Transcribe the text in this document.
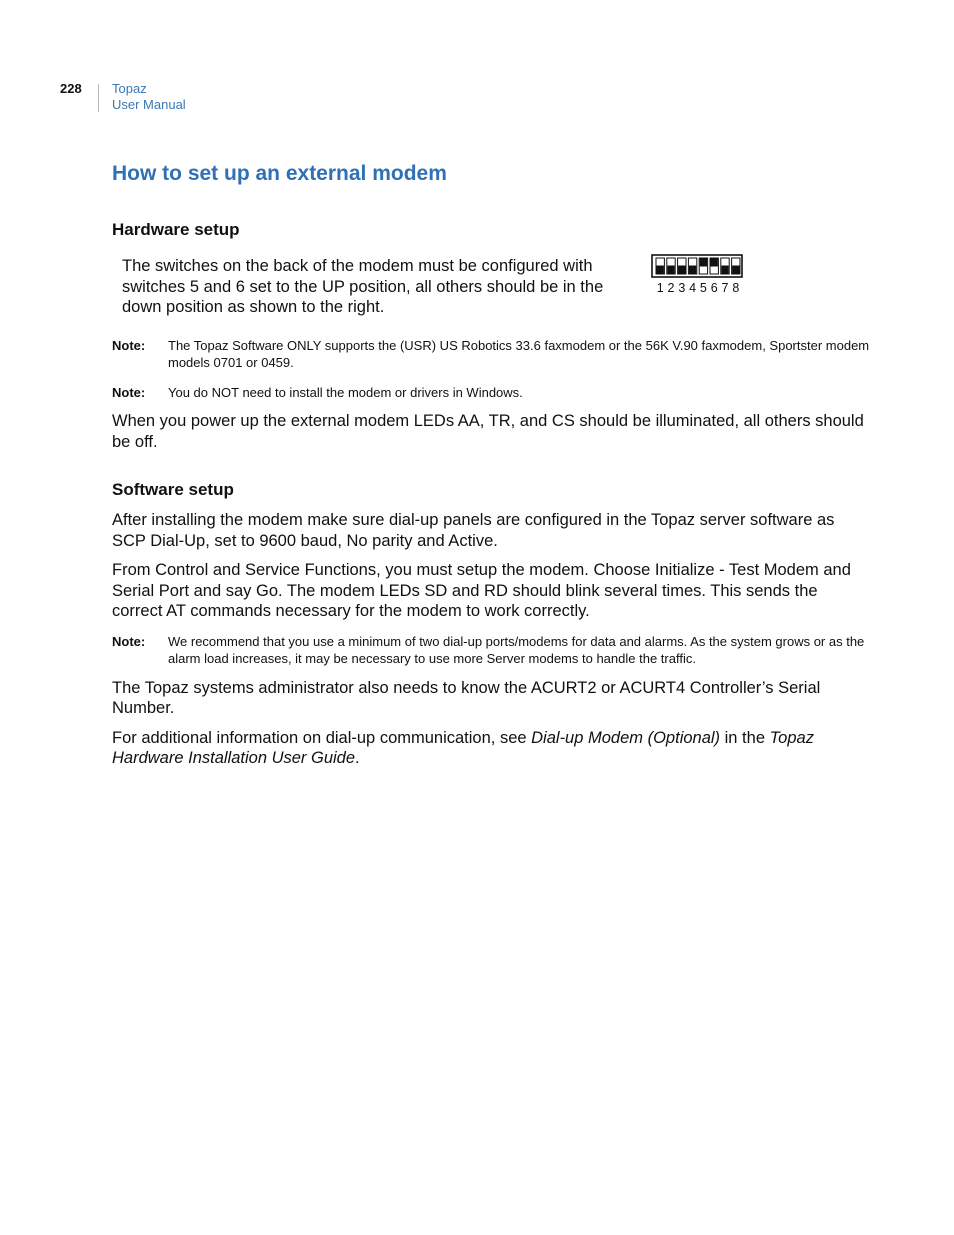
228 Topaz
User Manual
How to set up an external modem
Hardware setup
The switches on the back of the modem must be configured with switches 5 and 6 set to the UP position, all others should be in the down position as shown to the right.
1 2 3 4 5 6 7 8
Note:	The Topaz Software ONLY supports the (USR) US Robotics 33.6 faxmodem or the 56K V.90 faxmodem, Sportster modem models 0701 or 0459.
Note:	You do NOT need to install the modem or drivers in Windows.

When you power up the external modem LEDs AA, TR, and CS should be illuminated, all others should be off.

Software setup

After installing the modem make sure dial-up panels are configured in the Topaz server software as SCP Dial-Up, set to 9600 baud, No parity and Active.

From Control and Service Functions, you must setup the modem. Choose Initialize - Test Modem and Serial Port and say Go. The modem LEDs SD and RD should blink several times. This sends the correct AT commands necessary for the modem to work correctly.

Note:	We recommend that you use a minimum of two dial-up ports/modems for data and alarms. As the system grows or as the alarm load increases, it may be necessary to use more Server modems to handle the traffic.

The Topaz systems administrator also needs to know the ACURT2 or ACURT4 Controller’s Serial Number.

For additional information on dial-up communication, see Dial-up Modem (Optional) in the Topaz Hardware Installation User Guide.
